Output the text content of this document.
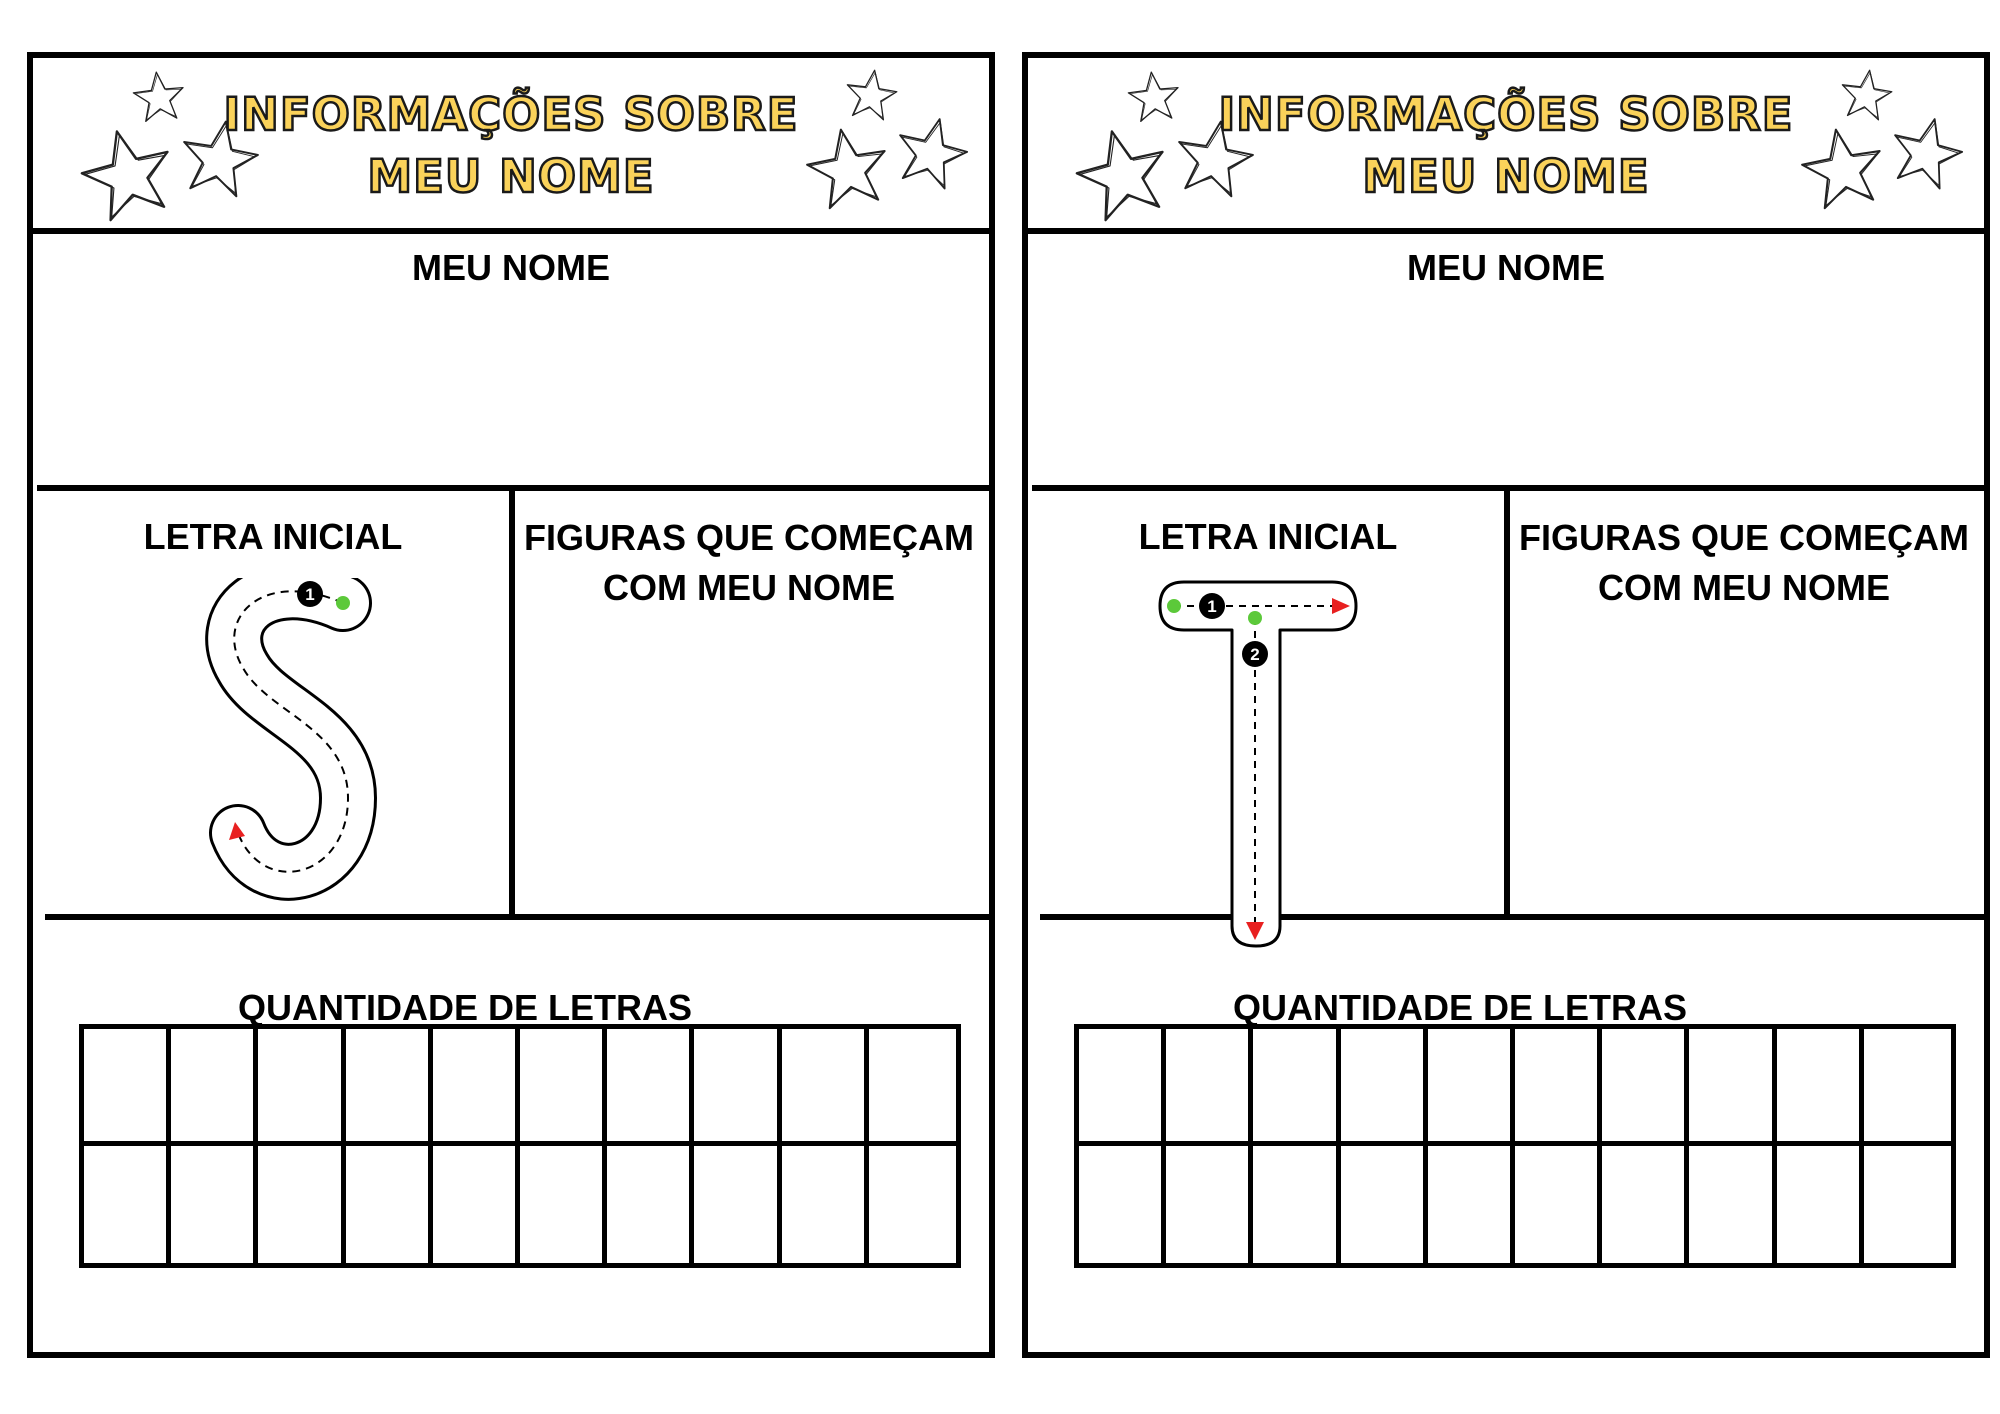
INFORMAÇÕES SOBRE
MEU NOME
MEU NOME
LETRA INICIAL	FIGURAS QUE COMEÇAM
COM MEU NOME
1
QUANTIDADE DE LETRAS
INFORMAÇÕES SOBRE
MEU NOME
MEU NOME
LETRA INICIAL	FIGURAS QUE COMEÇAM
COM MEU NOME
1
2
QUANTIDADE DE LETRAS
